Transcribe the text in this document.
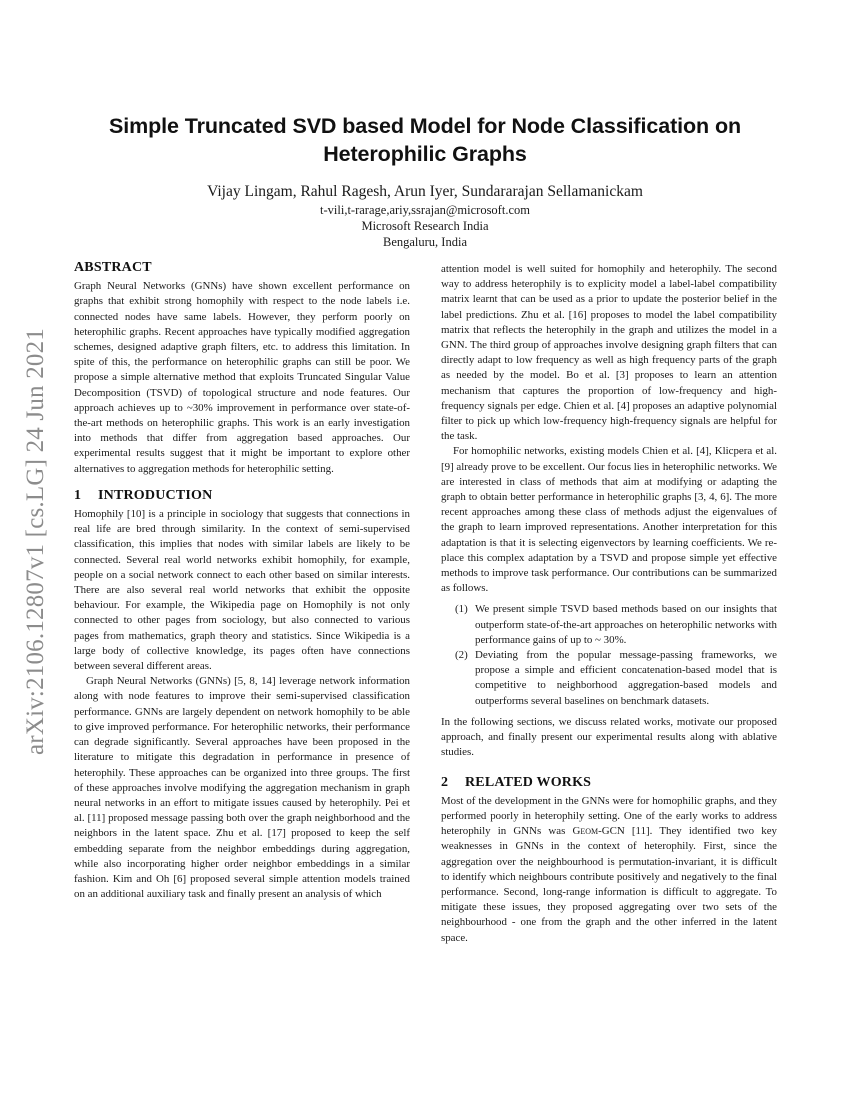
arXiv:2106.12807v1 [cs.LG] 24 Jun 2021
Simple Truncated SVD based Model for Node Classification on Heterophilic Graphs
Vijay Lingam, Rahul Ragesh, Arun Iyer, Sundararajan Sellamanickam
t-vili,t-rarage,ariy,ssrajan@microsoft.com
Microsoft Research India
Bengaluru, India
ABSTRACT

Graph Neural Networks (GNNs) have shown excellent performance on graphs that exhibit strong homophily with respect to the node labels i.e. connected nodes have same labels. However, they perform poorly on heterophilic graphs. Recent approaches have typically modified aggregation schemes, designed adaptive graph filters, etc. to address this limitation. In spite of this, the performance on heterophilic graphs can still be poor. We propose a simple alternative method that exploits Truncated Singular Value Decomposition (TSVD) of topological structure and node features. Our approach achieves up to ~30% improvement in performance over state-of-the-art methods on heterophilic graphs. This work is an early investigation into methods that differ from aggregation based approaches. Our experimental results suggest that it might be important to explore other alternatives to aggregation methods for heterophilic setting.

1 INTRODUCTION

Homophily [10] is a principle in sociology that suggests that connections in real life are bred through similarity. In the context of semi-supervised classification, this implies that nodes with similar labels are likely to be connected. Several real world networks exhibit homophily, for example, people on a social network connect to each other based on similar interests. There are also several real world networks that exhibit the opposite behaviour. For example, the Wikipedia page on Homophily is not only connected to other pages from sociology, but also connected to various pages from mathematics, graph theory and statistics. Since Wikipedia is a large body of collective knowledge, its pages often have connections between several different areas.

Graph Neural Networks (GNNs) [5, 8, 14] leverage network information along with node features to improve their semi-supervised classification performance. GNNs are largely dependent on network homophily to be able to give improved performance. For heterophilic networks, their performance can degrade significantly. Several approaches have been proposed in the literature to mitigate this degradation in performance in presence of heterophily. These approaches can be organized into three groups. The first of these approaches involve modifying the aggregation mechanism in graph neural networks in an effort to mitigate issues caused by heterophily. Pei et al. [11] proposed message passing both over the graph neighborhood and the neighbors in the latent space. Zhu et al. [17] proposed to keep the self embedding separate from the neighbor embeddings during aggregation, while also incorporating higher order neighbor embeddings in a similar fashion. Kim and Oh [6] proposed several simple attention models trained on an additional auxiliary task and finally present an analysis of which

attention model is well suited for homophily and heterophily. The second way to address heterophily is to explicity model a label-label compatibility matrix learnt that can be used as a prior to update the posterior belief in the label predictions. Zhu et al. [16] proposes to model the label compatibility matrix that reflects the heterophily in the graph and utilizes the model in a GNN. The third group of approaches involve designing graph filters that can directly adapt to low frequency as well as high frequency parts of the graph as needed by the model. Bo et al. [3] proposes to learn an attention mechanism that captures the proportion of low-frequency and high-frequency signals per edge. Chien et al. [4] proposes an adaptive polynomial filter to pick up which low-frequency high-frequency signals are helpful for the task.

For homophilic networks, existing models Chien et al. [4], Klicpera et al. [9] already prove to be excellent. Our focus lies in heterophilic networks. We are interested in class of methods that aim at modifying or adapting the graph to obtain better performance in heterophilic graphs [3, 4, 6]. The more recent approaches among these class of methods adjust the eigenvalues of the graph to learn improved representations. Another interpretation for this adaptation is that it is selecting eigenvectors by learning coefficients. We replace this complex adaptation by a TSVD and propose simple yet effective methods to improve task performance. Our contributions can be summarized as follows.

(1) We present simple TSVD based methods based on our insights that outperform state-of-the-art approaches on heterophilic networks with performance gains of up to ~ 30%.
(2) Deviating from the popular message-passing frameworks, we propose a simple and efficient concatenation-based model that is competitive to neighborhood aggregation-based models and outperforms several baselines on benchmark datasets.

In the following sections, we discuss related works, motivate our proposed approach, and finally present our experimental results along with ablative studies.

2 RELATED WORKS

Most of the development in the GNNs were for homophilic graphs, and they performed poorly in heterophily setting. One of the early works to address heterophily in GNNs was Geom-GCN [11]. They identified two key weaknesses in GNNs in the context of heterophily. First, since the aggregation over the neighbourhood is permutation-invariant, it is difficult to identify which neighbours contribute positively and negatively to the final performance. Second, long-range information is difficult to aggregate. To mitigate these issues, they proposed aggregating over two sets of the neighbourhood - one from the graph and the other inferred in the latent space.
